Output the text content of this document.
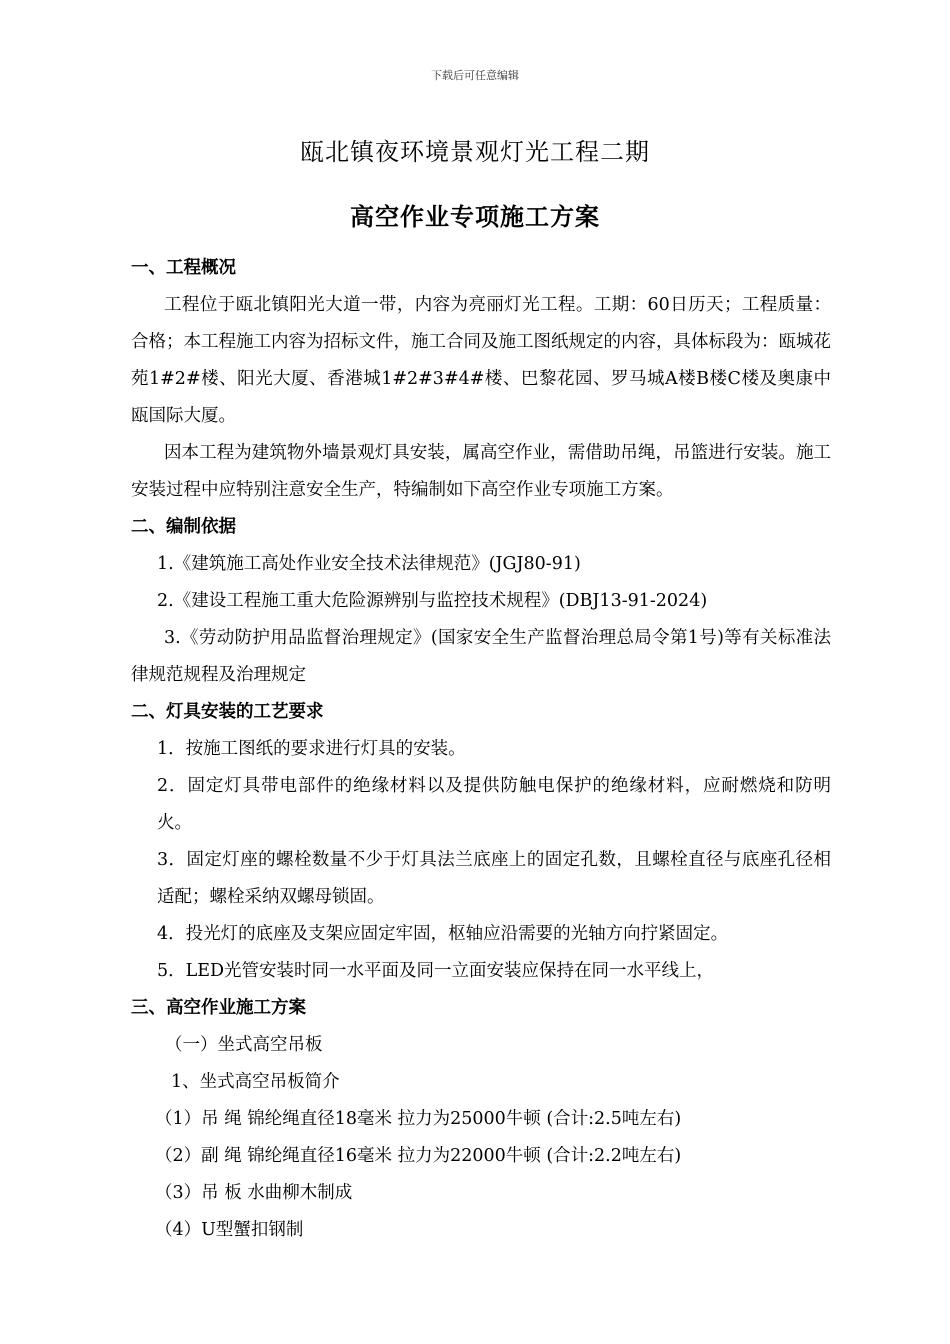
下载后可任意编辑
瓯北镇夜环境景观灯光工程二期
高空作业专项施工方案

一、工程概况

工程位于瓯北镇阳光大道一带，内容为亮丽灯光工程。工期：60日历天；工程质量：合格；本工程施工内容为招标文件，施工合同及施工图纸规定的内容，具体标段为：瓯城花苑1#2#楼、阳光大厦、香港城1#2#3#4#楼、巴黎花园、罗马城A楼B楼C楼及奥康中瓯国际大厦。

因本工程为建筑物外墙景观灯具安装，属高空作业，需借助吊绳，吊篮进行安装。施工安装过程中应特别注意安全生产，特编制如下高空作业专项施工方案。

二、编制依据

1.《建筑施工高处作业安全技术法律规范》(JGJ80-91)

2.《建设工程施工重大危险源辨别与监控技术规程》(DBJ13-91-2024)

3.《劳动防护用品监督治理规定》(国家安全生产监督治理总局令第1号)等有关标准法律规范规程及治理规定

二、灯具安装的工艺要求

1．按施工图纸的要求进行灯具的安装。

2．固定灯具带电部件的绝缘材料以及提供防触电保护的绝缘材料，应耐燃烧和防明火。

3．固定灯座的螺栓数量不少于灯具法兰底座上的固定孔数，且螺栓直径与底座孔径相适配；螺栓采纳双螺母锁固。

4．投光灯的底座及支架应固定牢固，枢轴应沿需要的光轴方向拧紧固定。

5．LED光管安装时同一水平面及同一立面安装应保持在同一水平线上，

三、高空作业施工方案

（一）坐式高空吊板

1、坐式高空吊板简介

（1）吊 绳 锦纶绳直径18毫米 拉力为25000牛顿 (合计:2.5吨左右)

（2）副 绳 锦纶绳直径16毫米 拉力为22000牛顿 (合计:2.2吨左右)

（3）吊 板 水曲柳木制成

（4）U型蟹扣钢制
